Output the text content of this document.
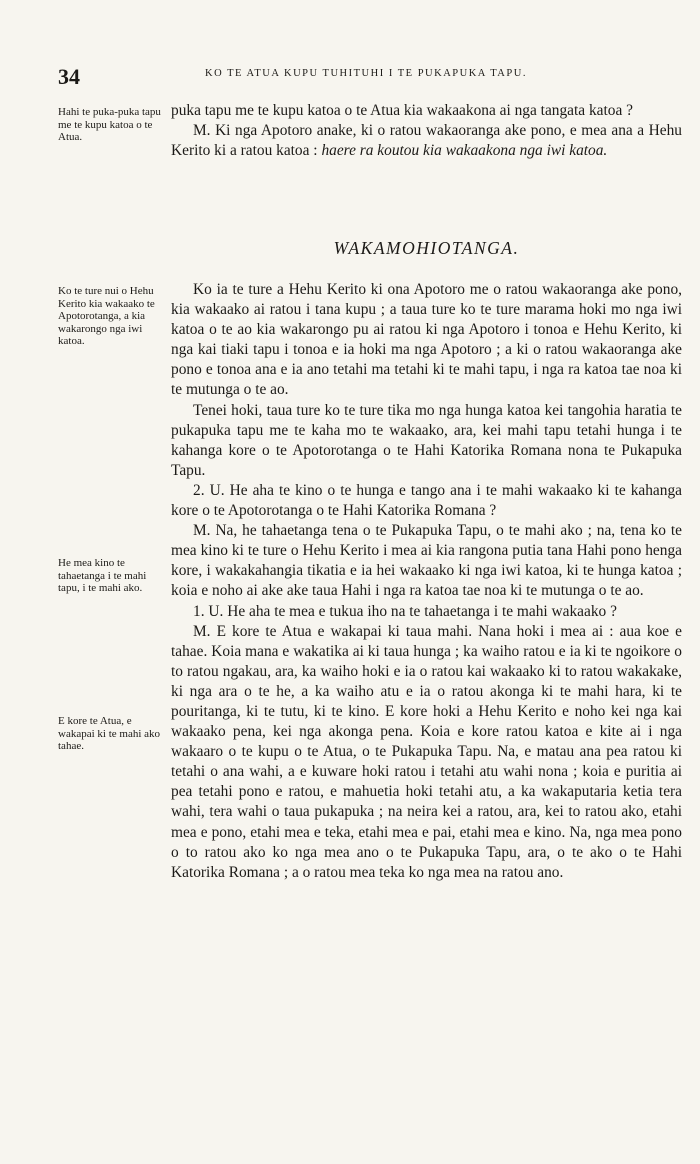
34	KO TE ATUA KUPU TUHITUHI I TE PUKAPUKA TAPU.
Hahi te puka-puka tapu me te kupu katoa o te Atua.
Ko te ture nui o Hehu Kerito kia wakaako te Apotorotanga, a kia wakarongo nga iwi katoa.
He mea kino te tahaetanga i te mahi tapu, i te mahi ako.
E kore te Atua, e wakapai ki te mahi ako tahae.

puka tapu me te kupu katoa o te Atua kia wakaakona ai nga tangata katoa ?

M. Ki nga Apotoro anake, ki o ratou wakaoranga ake pono, e mea ana a Hehu Kerito ki a ratou katoa : haere ra koutou kia wakaakona nga iwi katoa.

WAKAMOHIOTANGA.

Ko ia te ture a Hehu Kerito ki ona Apotoro me o ratou wakaoranga ake pono, kia wakaako ai ratou i tana kupu ; a taua ture ko te ture marama hoki mo nga iwi katoa o te ao kia wakarongo pu ai ratou ki nga Apotoro i tonoa e Hehu Kerito, ki nga kai tiaki tapu i tonoa e ia hoki ma nga Apotoro ; a ki o ratou wakaoranga ake pono e tonoa ana e ia ano tetahi ma tetahi ki te mahi tapu, i nga ra katoa tae noa ki te mutunga o te ao.

Tenei hoki, taua ture ko te ture tika mo nga hunga katoa kei tangohia haratia te pukapuka tapu me te kaha mo te wakaako, ara, kei mahi tapu tetahi hunga i te kahanga kore o te Apotorotanga o te Hahi Katorika Romana nona te Pukapuka Tapu.

2. U. He aha te kino o te hunga e tango ana i te mahi wakaako ki te kahanga kore o te Apotorotanga o te Hahi Katorika Romana ?

M. Na, he tahaetanga tena o te Pukapuka Tapu, o te mahi ako ; na, tena ko te mea kino ki te ture o Hehu Kerito i mea ai kia rangona putia tana Hahi pono henga kore, i wakakahangia tikatia e ia hei wakaako ki nga iwi katoa, ki te hunga katoa ; koia e noho ai ake ake taua Hahi i nga ra katoa tae noa ki te mutunga o te ao.

1. U. He aha te mea e tukua iho na te tahaetanga i te mahi wakaako ?

M. E kore te Atua e wakapai ki taua mahi. Nana hoki i mea ai : aua koe e tahae. Koia mana e wakatika ai ki taua hunga ; ka waiho ratou e ia ki te ngoikore o to ratou ngakau, ara, ka waiho hoki e ia o ratou kai wakaako ki to ratou wakakake, ki nga ara o te he, a ka waiho atu e ia o ratou akonga ki te mahi hara, ki te pouritanga, ki te tutu, ki te kino. E kore hoki a Hehu Kerito e noho kei nga kai wakaako pena, kei nga akonga pena. Koia e kore ratou katoa e kite ai i nga wakaaro o te kupu o te Atua, o te Pukapuka Tapu. Na, e matau ana pea ratou ki tetahi o ana wahi, a e kuware hoki ratou i tetahi atu wahi nona ; koia e puritia ai pea tetahi pono e ratou, e mahuetia hoki tetahi atu, a ka wakaputaria ketia tera wahi, tera wahi o taua pukapuka ; na neira kei a ratou, ara, kei to ratou ako, etahi mea e pono, etahi mea e teka, etahi mea e pai, etahi mea e kino. Na, nga mea pono o to ratou ako ko nga mea ano o te Pukapuka Tapu, ara, o te ako o te Hahi Katorika Romana ; a o ratou mea teka ko nga mea na ratou ano.
